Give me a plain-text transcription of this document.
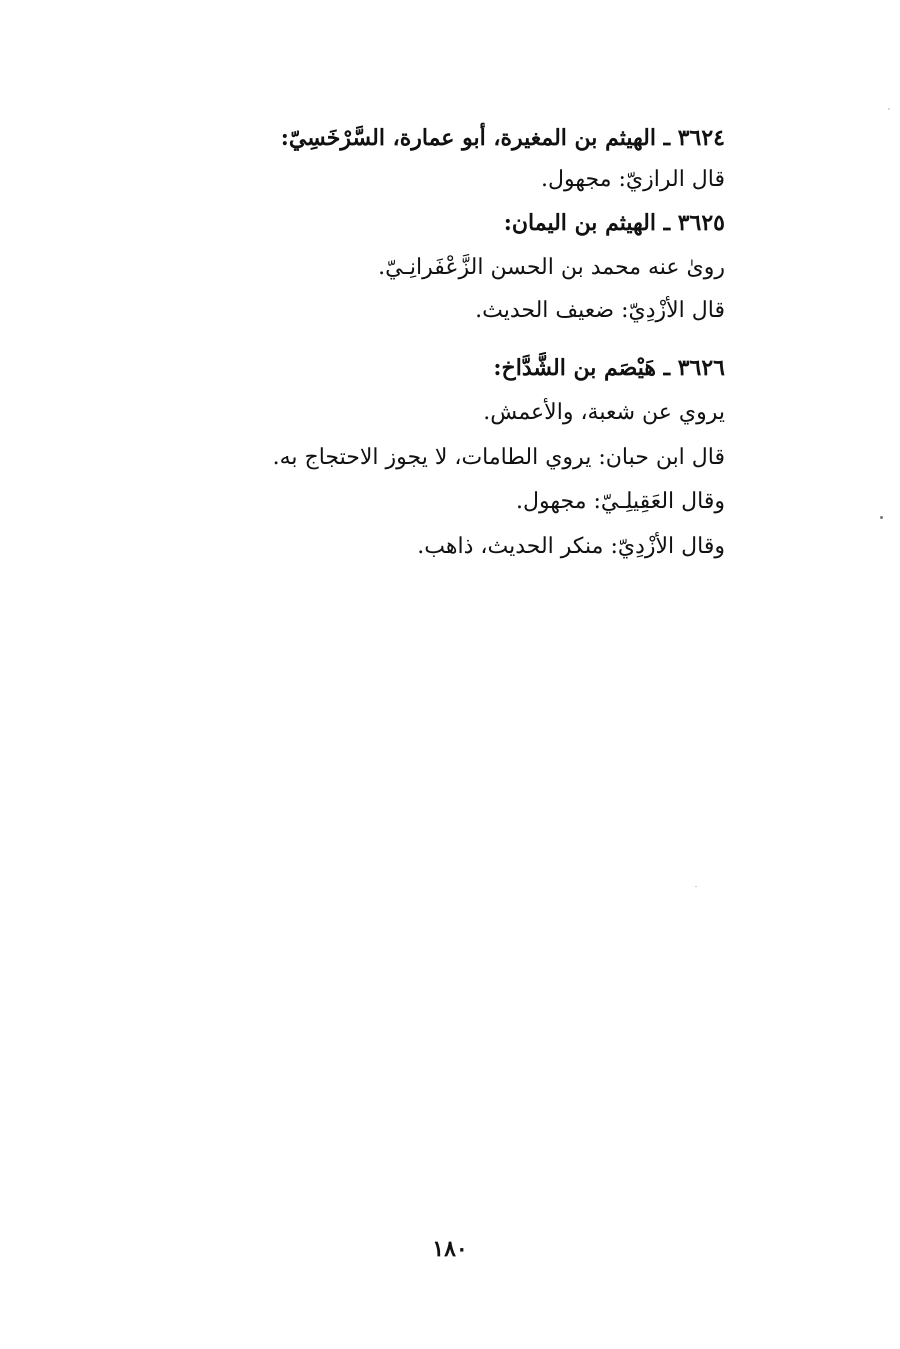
٣٦٢٤ ـ الهيثم بن المغيرة، أبو عمارة، السَّرْخَسِيّ:
قال الرازيّ: مجهول.
٣٦٢٥ ـ الهيثم بن اليمان:
روىٰ عنه محمد بن الحسن الزَّعْفَرانِـيّ.
قال الأزْدِيّ: ضعيف الحديث.
٣٦٢٦ ـ هَيْصَم بن الشَّدَّاخ:
يروي عن شعبة، والأعمش.
قال ابن حبان: يروي الطامات، لا يجوز الاحتجاج به.
وقال العَقِيلِـيّ: مجهول.
وقال الأزْدِيّ: منكر الحديث، ذاهب.
١٨٠
